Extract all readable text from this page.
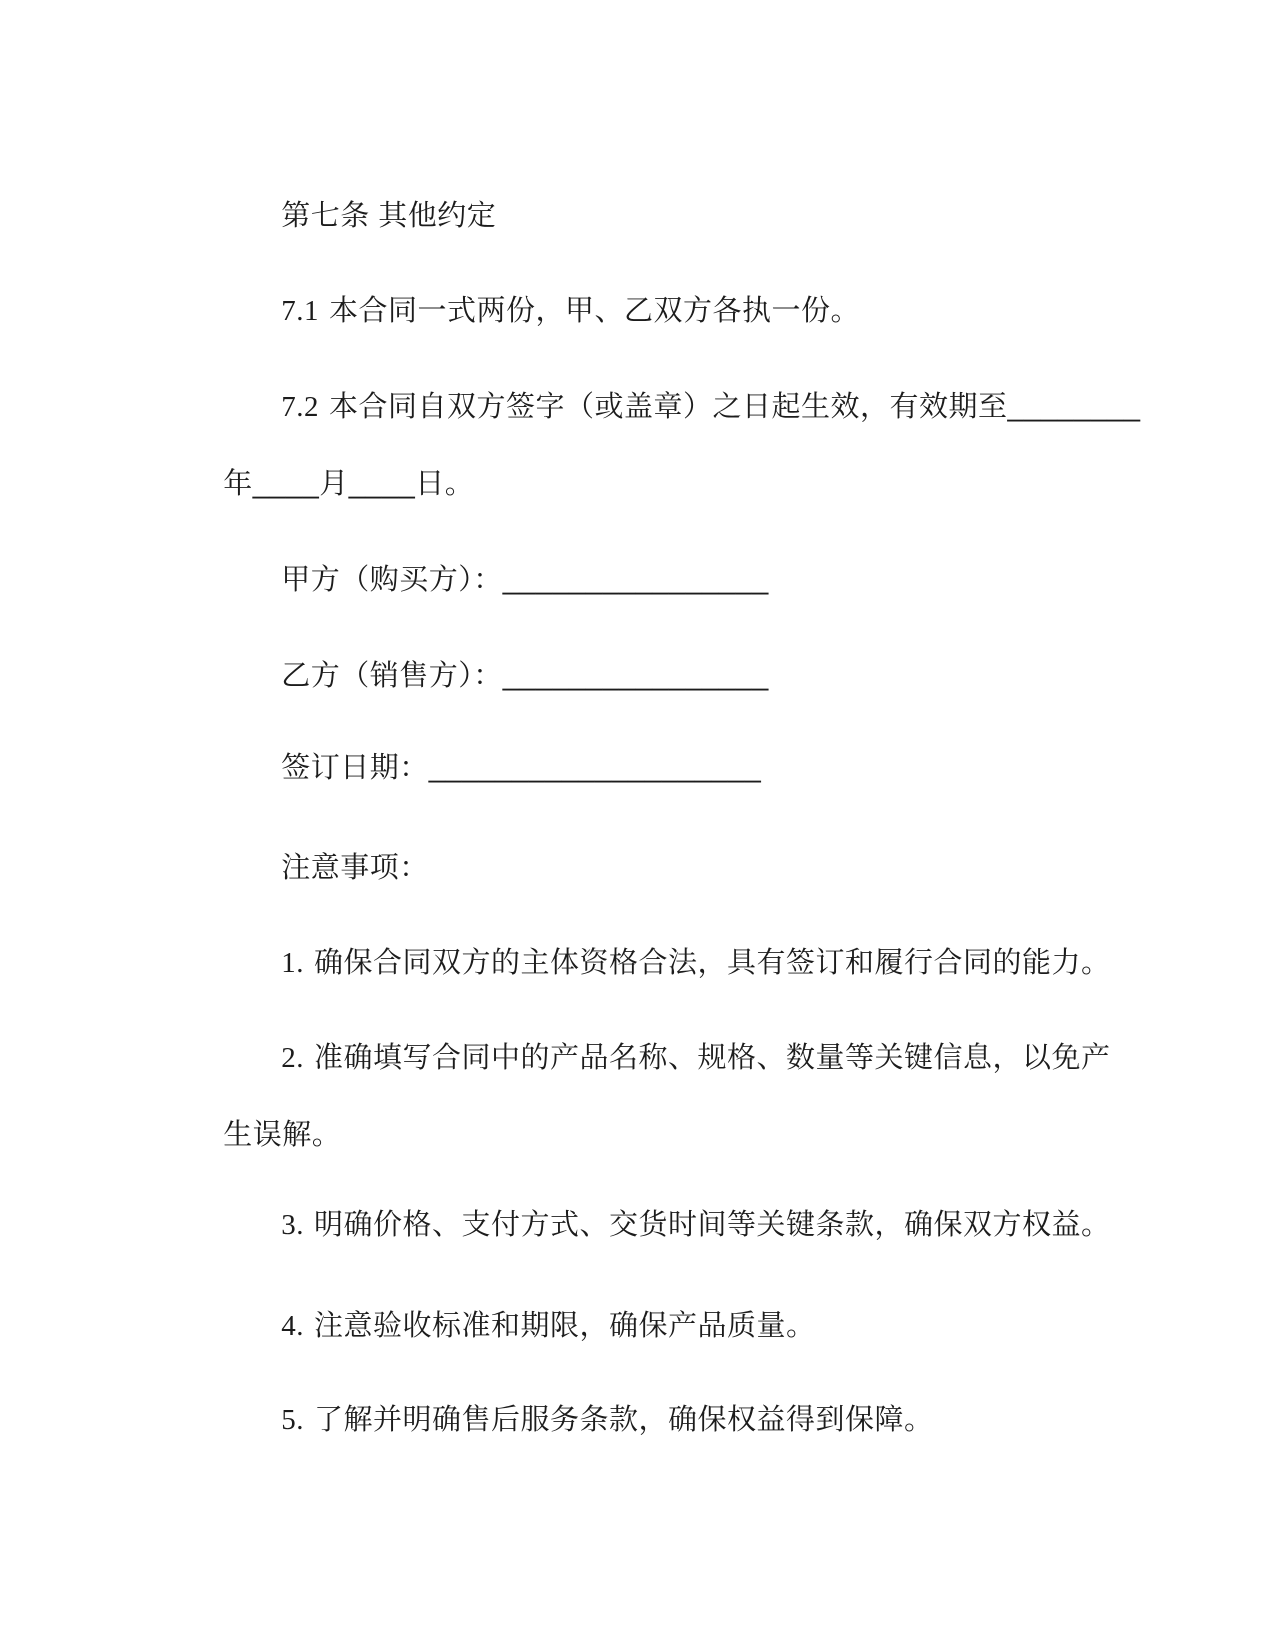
第七条 其他约定

7.1 本合同一式两份，甲、乙双方各执一份。

7.2 本合同自双方签字（或盖章）之日起生效，有效期至________

年____月____日。

甲方（购买方）：________________

乙方（销售方）：________________

签订日期：____________________

注意事项：

1. 确保合同双方的主体资格合法，具有签订和履行合同的能力。

2. 准确填写合同中的产品名称、规格、数量等关键信息，以免产

生误解。

3. 明确价格、支付方式、交货时间等关键条款，确保双方权益。

4. 注意验收标准和期限，确保产品质量。

5. 了解并明确售后服务条款，确保权益得到保障。
